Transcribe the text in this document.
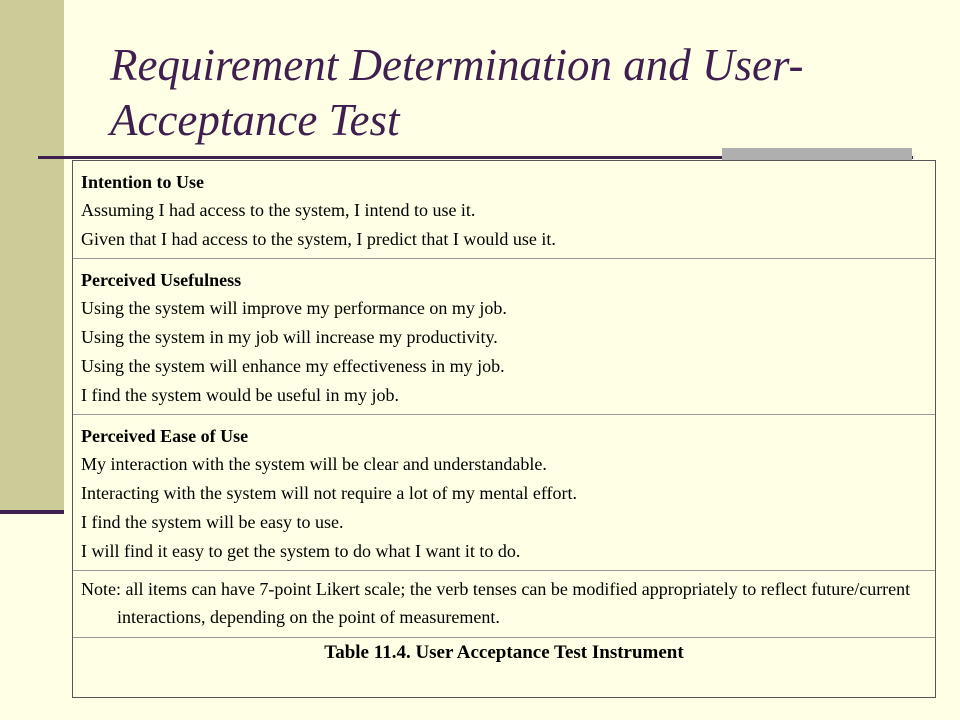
Requirement Determination and User-Acceptance Test

Intention to Use

Assuming I had access to the system, I intend to use it.

Given that I had access to the system, I predict that I would use it.

Perceived Usefulness

Using the system will improve my performance on my job.

Using the system in my job will increase my productivity.

Using the system will enhance my effectiveness in my job.

I find the system would be useful in my job.

Perceived Ease of Use

My interaction with the system will be clear and understandable.

Interacting with the system will not require a lot of my mental effort.

I find the system will be easy to use.

I will find it easy to get the system to do what I want it to do.

Note: all items can have 7-point Likert scale; the verb tenses can be modified appropriately to reflect future/current interactions, depending on the point of measurement.

Table 11.4. User Acceptance Test Instrument
